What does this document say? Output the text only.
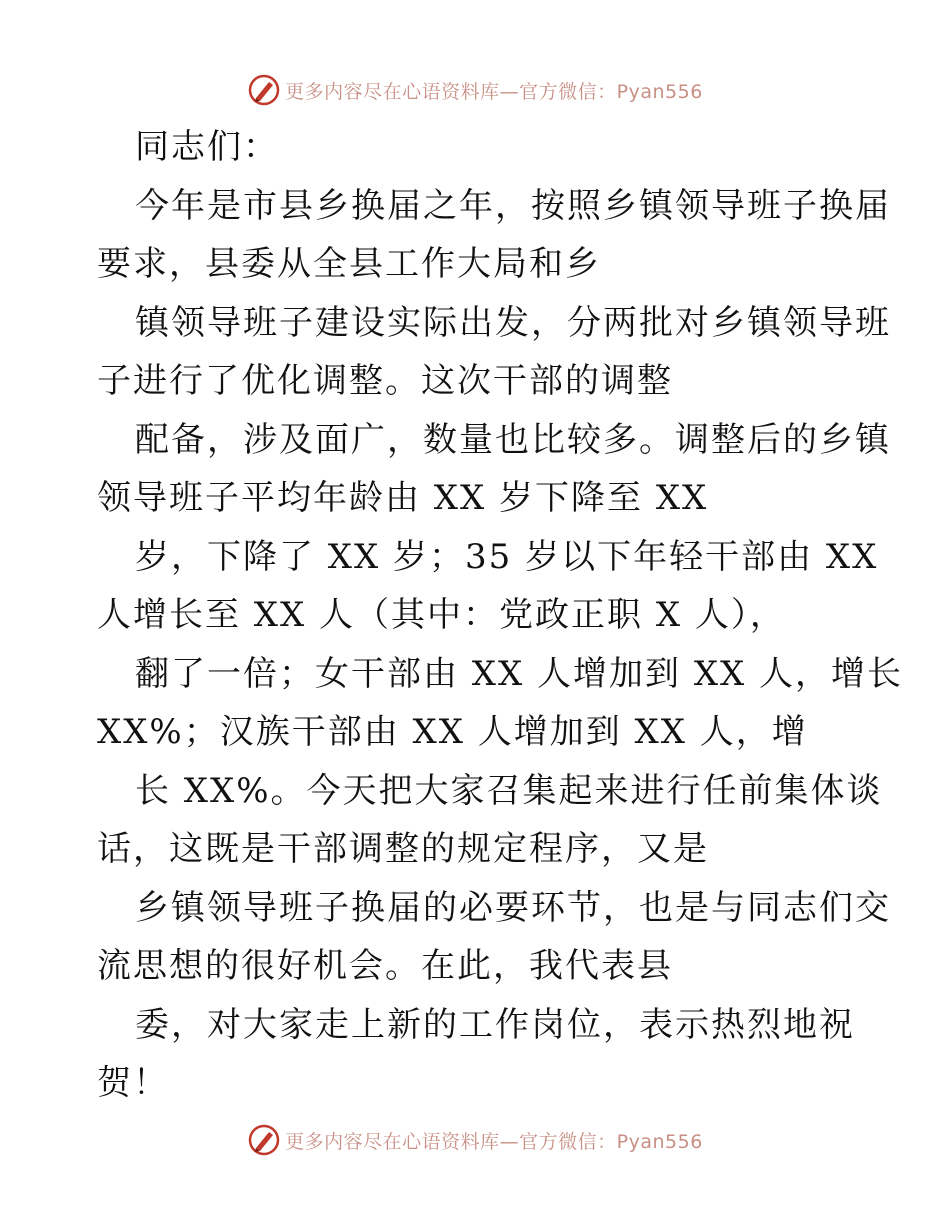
更多内容尽在心语资料库—官方微信：Pyan556
同志们：
今年是市县乡换届之年，按照乡镇领导班子换届
要求，县委从全县工作大局和乡
镇领导班子建设实际出发，分两批对乡镇领导班
子进行了优化调整。这次干部的调整
配备，涉及面广，数量也比较多。调整后的乡镇
领导班子平均年龄由 XX 岁下降至 XX
岁，下降了 XX 岁；35 岁以下年轻干部由 XX
人增长至 XX 人（其中：党政正职 X 人），
翻了一倍；女干部由 XX 人增加到 XX 人，增长
XX%；汉族干部由 XX 人增加到 XX 人，增
长 XX%。今天把大家召集起来进行任前集体谈
话，这既是干部调整的规定程序，又是
乡镇领导班子换届的必要环节，也是与同志们交
流思想的很好机会。在此，我代表县
委，对大家走上新的工作岗位，表示热烈地祝
贺！
更多内容尽在心语资料库—官方微信：Pyan556
